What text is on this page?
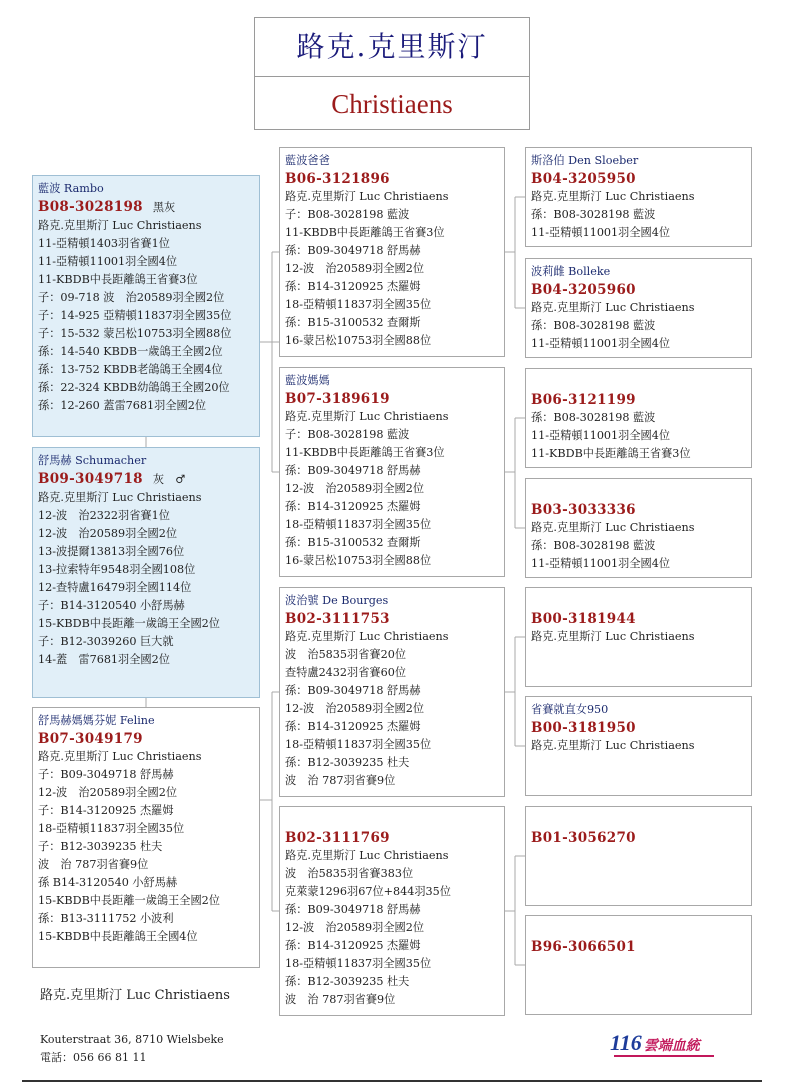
路克.克里斯汀
Christiaens
藍波 Rambo
B08-3028198 黑灰
路克.克里斯汀 Luc Christiaens
11-亞精頓1403羽省賽1位
11-亞精頓11001羽全國4位
11-KBDB中長距離鴿王省賽3位
子：09-718 波　治20589羽全國2位
子：14-925 亞精頓11837羽全國35位
子：15-532 蒙呂松10753羽全國88位
孫：14-540 KBDB一歲鴿王全國2位
孫：13-752 KBDB老鴿鴿王全國4位
孫：22-324 KBDB幼鴿鴿王全國20位
孫：12-260 蓋雷7681羽全國2位
舒馬赫 Schumacher
B09-3049718 灰　♂
路克.克里斯汀 Luc Christiaens
12-波　治2322羽省賽1位
12-波　治20589羽全國2位
13-波提爾13813羽全國76位
13-拉索特年9548羽全國108位
12-查特盧16479羽全國114位
子：B14-3120540 小舒馬赫
15-KBDB中長距離一歲鴿王全國2位
子：B12-3039260 巨大就
14-蓋　雷7681羽全國2位
舒馬赫媽媽芬妮 Feline
B07-3049179
路克.克里斯汀 Luc Christiaens
子：B09-3049718 舒馬赫
12-波　治20589羽全國2位
子：B14-3120925 杰羅姆
18-亞精頓11837羽全國35位
子：B12-3039235 杜夫
波　治 787羽省賽9位
孫 B14-3120540 小舒馬赫
15-KBDB中長距離一歲鴿王全國2位
孫：B13-3111752 小波利
15-KBDB中長距離鴿王全國4位
藍波爸爸
B06-3121896
路克.克里斯汀 Luc Christiaens
子：B08-3028198 藍波
11-KBDB中長距離鴿王省賽3位
孫：B09-3049718 舒馬赫
12-波　治20589羽全國2位
孫：B14-3120925 杰羅姆
18-亞精頓11837羽全國35位
孫：B15-3100532 查爾斯
16-蒙呂松10753羽全國88位
藍波媽媽
B07-3189619
路克.克里斯汀 Luc Christiaens
子：B08-3028198 藍波
11-KBDB中長距離鴿王省賽3位
孫：B09-3049718 舒馬赫
12-波　治20589羽全國2位
孫：B14-3120925 杰羅姆
18-亞精頓11837羽全國35位
孫：B15-3100532 查爾斯
16-蒙呂松10753羽全國88位
波治號 De Bourges
B02-3111753
路克.克里斯汀 Luc Christiaens
波　治5835羽省賽20位
查特盧2432羽省賽60位
孫：B09-3049718 舒馬赫
12-波　治20589羽全國2位
孫：B14-3120925 杰羅姆
18-亞精頓11837羽全國35位
孫：B12-3039235 杜夫
波　治 787羽省賽9位
B02-3111769
路克.克里斯汀 Luc Christiaens
波　治5835羽省賽383位
克萊蒙1296羽67位+844羽35位
孫：B09-3049718 舒馬赫
12-波　治20589羽全國2位
孫：B14-3120925 杰羅姆
18-亞精頓11837羽全國35位
孫：B12-3039235 杜夫
波　治 787羽省賽9位
斯洛伯 Den Sloeber
B04-3205950
路克.克里斯汀 Luc Christiaens
孫：B08-3028198 藍波
11-亞精頓11001羽全國4位
波莉雌 Bolleke
B04-3205960
路克.克里斯汀 Luc Christiaens
孫：B08-3028198 藍波
11-亞精頓11001羽全國4位
B06-3121199
孫：B08-3028198 藍波
11-亞精頓11001羽全國4位
11-KBDB中長距離鴿王省賽3位
B03-3033336
路克.克里斯汀 Luc Christiaens
孫：B08-3028198 藍波
11-亞精頓11001羽全國4位
B00-3181944
路克.克里斯汀 Luc Christiaens
省賽就直女950
B00-3181950
路克.克里斯汀 Luc Christiaens
B01-3056270
B96-3066501
路克.克里斯汀 Luc Christiaens
Kouterstraat 36, 8710 Wielsbeke
電話：056 66 81 11
116 雲端血統
